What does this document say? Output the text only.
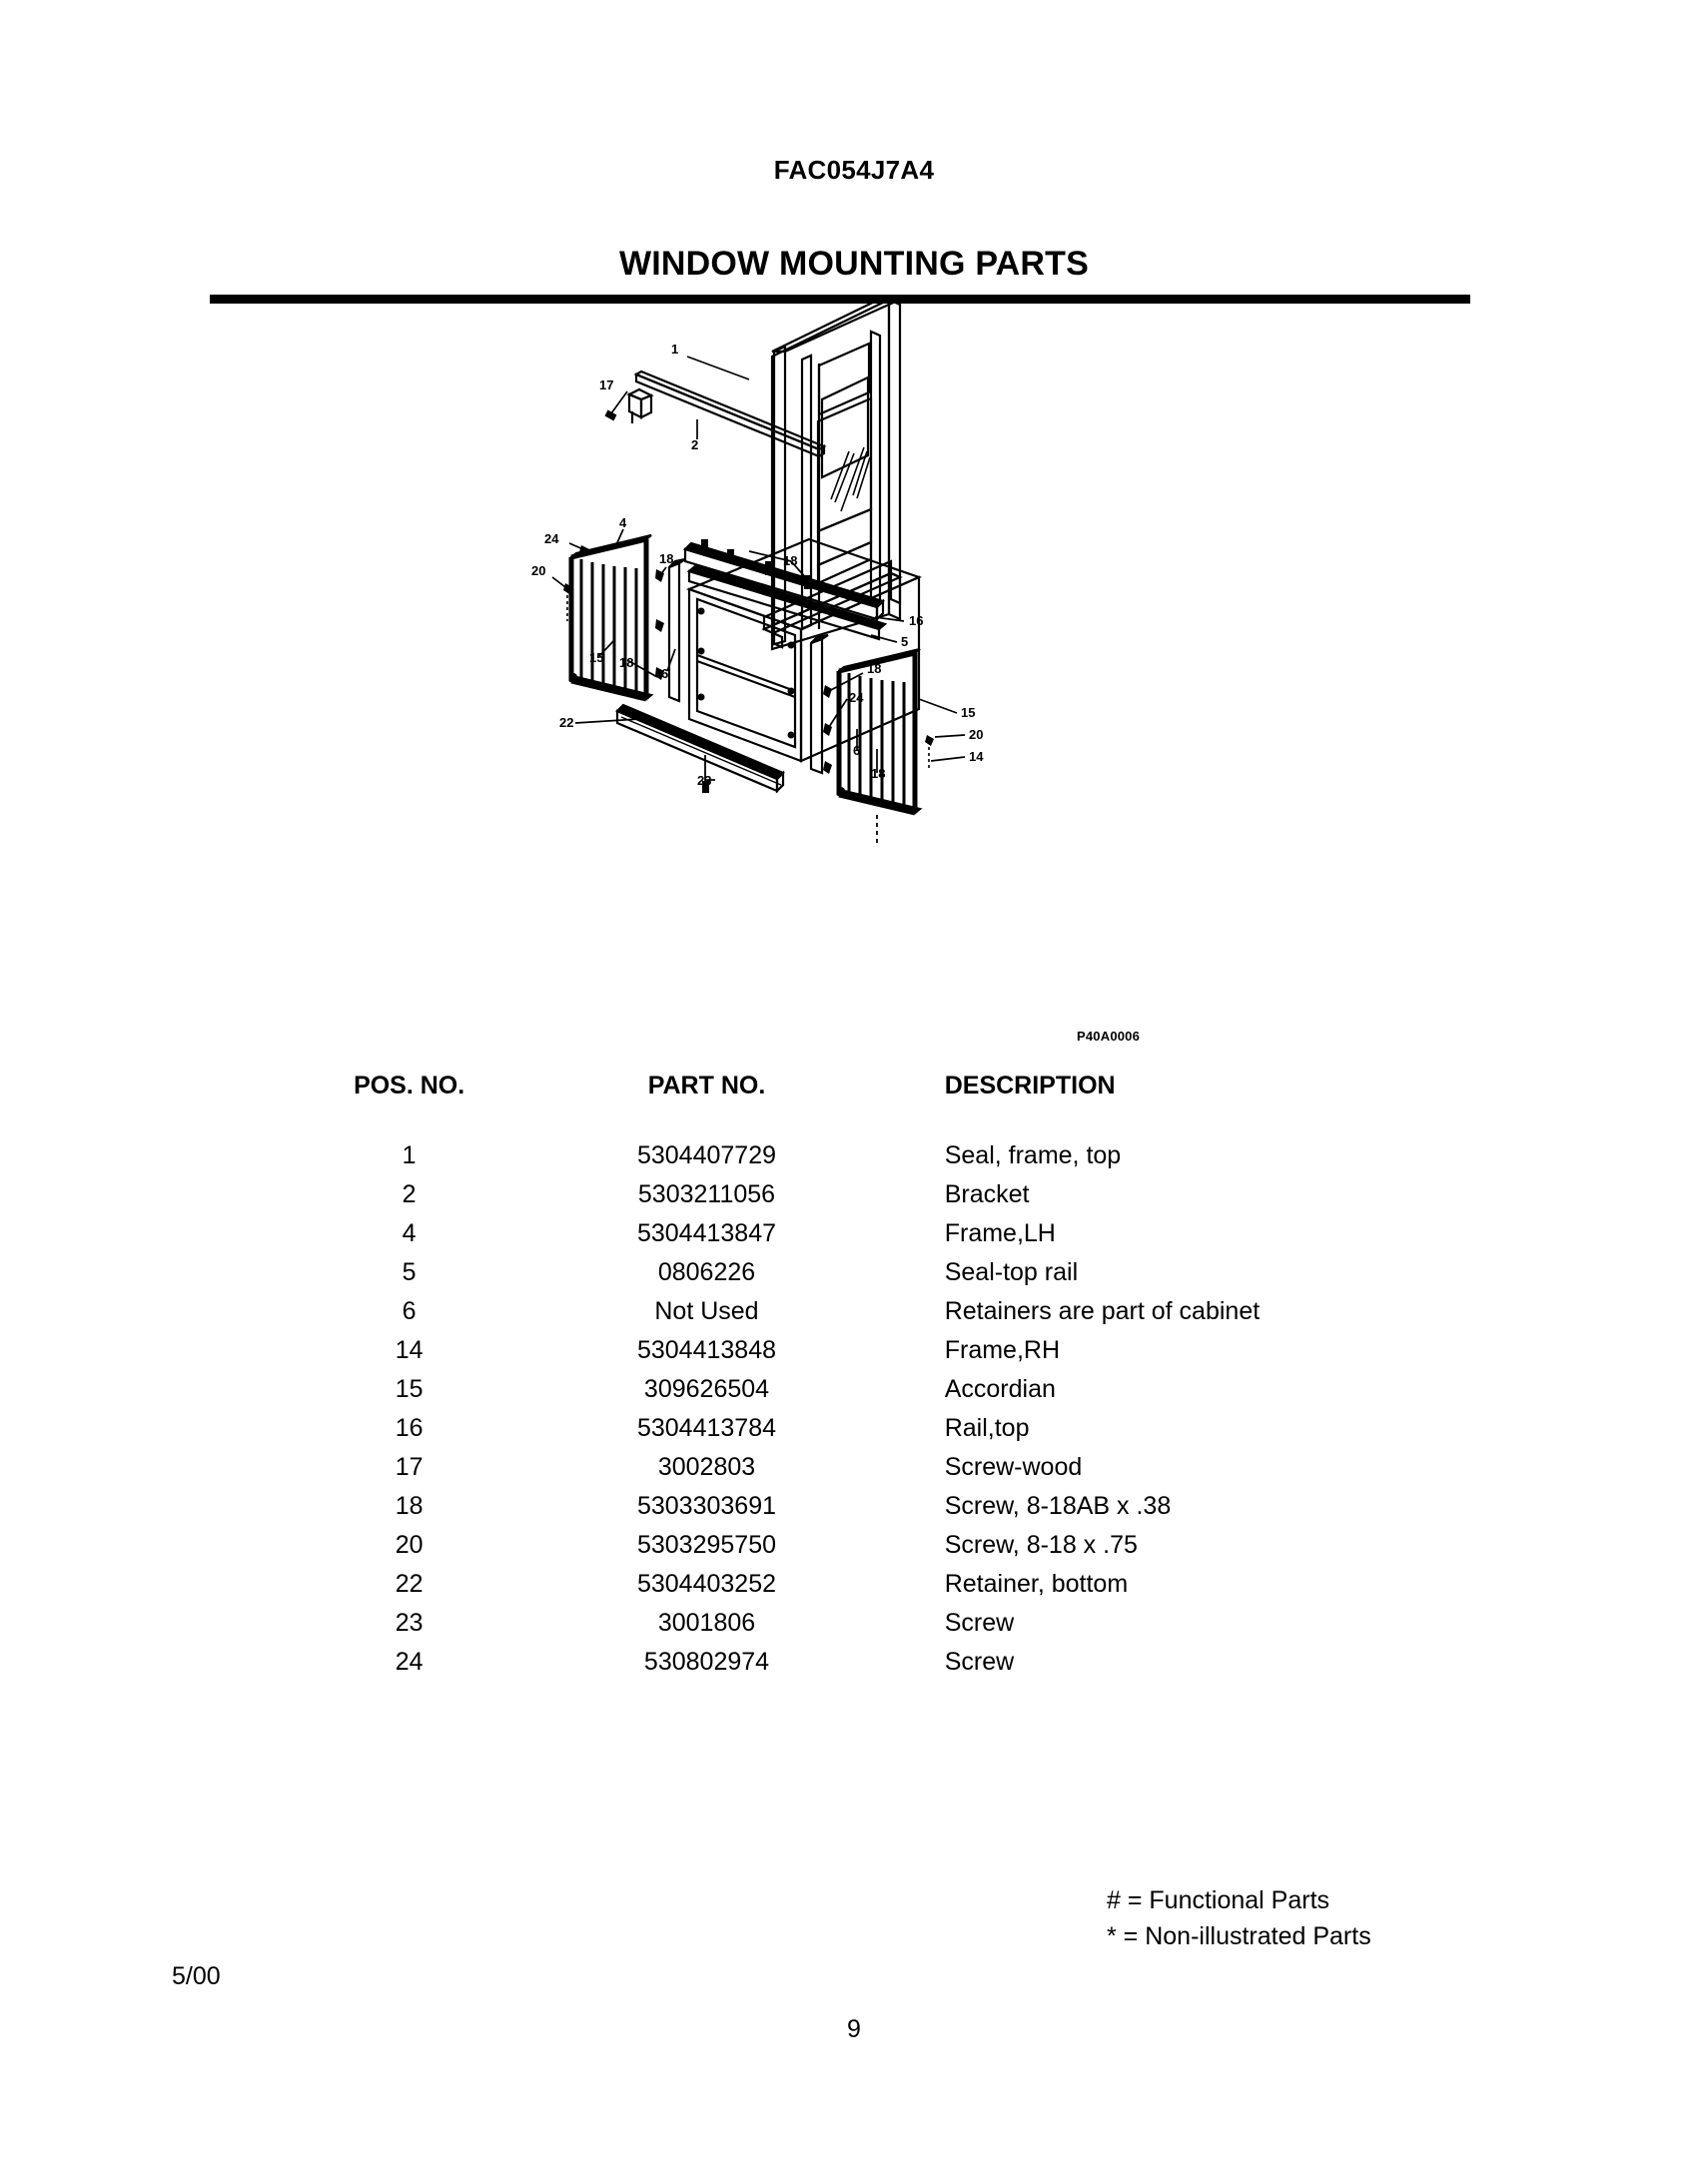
FAC054J7A4
WINDOW MOUNTING PARTS
1
17
2
24
4
20
18
15 18
6
18
16
5
18
24
22
6
18
15
20
14
23
P40A0006
POS. NO.	PART NO.	DESCRIPTION
1	5304407729	Seal, frame, top
2	5303211056	Bracket
4	5304413847	Frame,LH
5	0806226	Seal-top rail
6	Not Used	Retainers are part of cabinet
14	5304413848	Frame,RH
15	309626504	Accordian
16	5304413784	Rail,top
17	3002803	Screw-wood
18	5303303691	Screw, 8-18AB x .38
20	5303295750	Screw, 8-18 x .75
22	5304403252	Retainer, bottom
23	3001806	Screw
24	530802974	Screw
# = Functional Parts
* = Non-illustrated Parts
5/00
9
